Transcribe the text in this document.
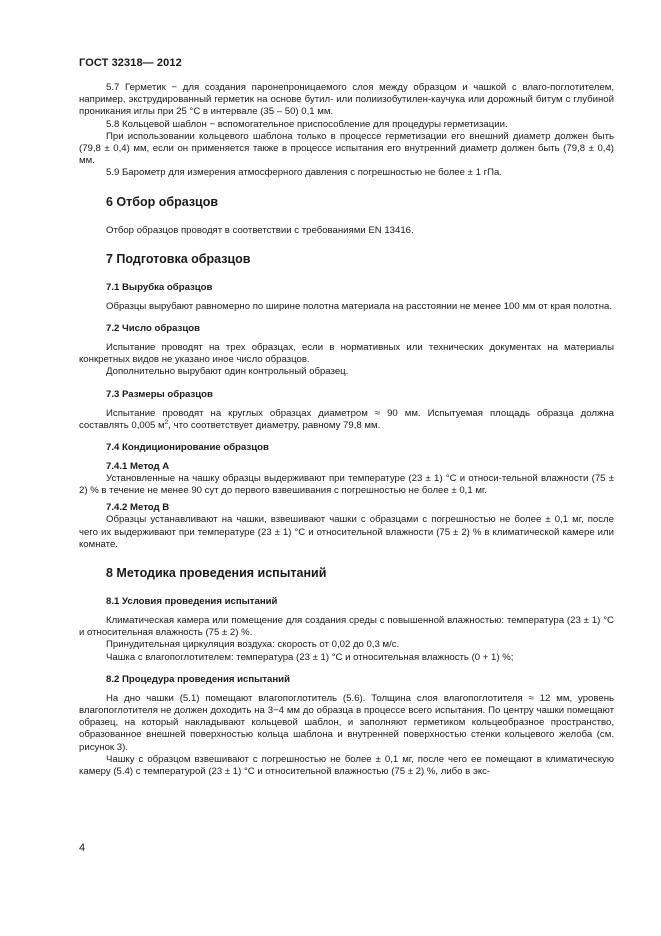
ГОСТ 32318— 2012

5.7 Герметик − для создания паронепроницаемого слоя между образцом и чашкой с влаго-поглотителем, например, экструдированный герметик на основе бутил- или полиизобутилен-каучука или дорожный битум с глубиной проникания иглы при 25 °С в интервале (35 – 50) 0,1 мм.

5.8 Кольцевой шаблон − вспомогательное приспособление для процедуры герметизации.

При использовании кольцевого шаблона только в процессе герметизации его внешний диаметр должен быть (79,8 ± 0,4) мм, если он применяется также в процессе испытания его внутренний диаметр должен быть (79,8 ± 0,4) мм.

5.9 Барометр для измерения атмосферного давления с погрешностью не более ± 1 гПа.

6 Отбор образцов

Отбор образцов проводят в соответствии с требованиями EN 13416.

7 Подготовка образцов
7.1 Вырубка образцов

Образцы вырубают равномерно по ширине полотна материала на расстоянии не менее 100 мм от края полотна.

7.2 Число образцов

Испытание проводят на трех образцах, если в нормативных или технических документах на материалы конкретных видов не указано иное число образцов.

Дополнительно вырубают один контрольный образец.

7.3 Размеры образцов

Испытание проводят на круглых образцах диаметром ≈ 90 мм. Испытуемая площадь образца должна составлять 0,005 $м^2$, что соответствует диаметру, равному 79,8 мм.

7.4 Кондиционирование образцов
7.4.1 Метод А

Установленные на чашку образцы выдерживают при температуре (23 ± 1) °С и относи-тельной влажности (75 ± 2) % в течение не менее 90 сут до первого взвешивания с погрешностью не более ± 0,1 мг.

7.4.2 Метод В

Образцы устанавливают на чашки, взвешивают чашки с образцами с погрешностью не более ± 0,1 мг, после чего их выдерживают при температуре (23 ± 1) °С и относительной влажности (75 ± 2) % в климатической камере или комнате.

8 Методика проведения испытаний
8.1 Условия проведения испытаний

Климатическая камера или помещение для создания среды с повышенной влажностью: температура (23 ± 1) °С и относительная влажность (75 ± 2) %.

Принудительная циркуляция воздуха: скорость от 0,02 до 0,3 м/с.

Чашка с влагопоглотителем: температура (23 ± 1) °С и относительная влажность (0 + 1) %;

8.2 Процедура проведения испытаний

На дно чашки (5.1) помещают влагопоглотитель (5.6). Толщина слоя влагопоглотителя ≈ 12 мм, уровень влагопоглотителя не должен доходить на 3−4 мм до образца в процессе всего испытания. По центру чашки помещают образец, на который накладывают кольцевой шаблон, и заполняют герметиком кольцеобразное пространство, образованное внешней поверхностью кольца шаблона и внутренней поверхностью стенки кольцевого желоба (см. рисунок 3).

Чашку с образцом взвешивают с погрешностью не более ± 0,1 мг, после чего ее помещают в климатическую камеру (5.4) с температурой (23 ± 1) °С и относительной влажностью (75 ± 2) %, либо в экс-

4
